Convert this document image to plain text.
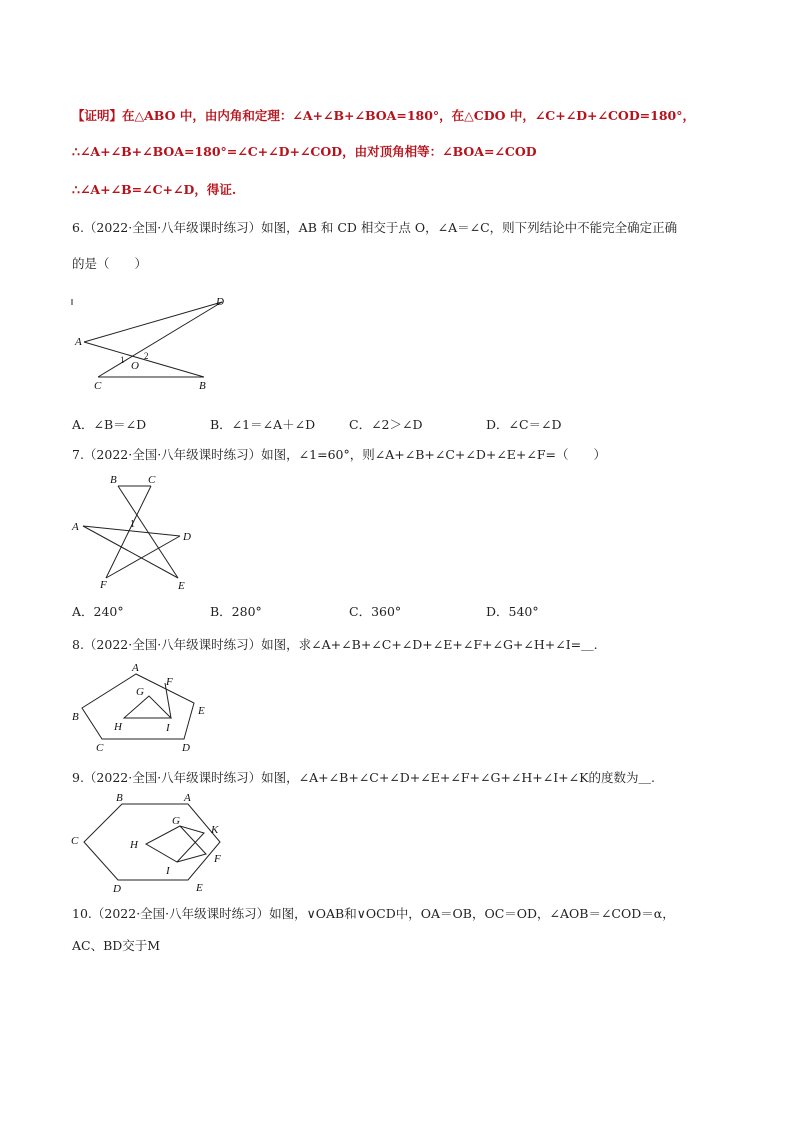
【证明】在△ABO 中，由内角和定理：∠A+∠B+∠BOA=180°，在△CDO 中，∠C+∠D+∠COD=180°，
∴∠A+∠B+∠BOA=180°=∠C+∠D+∠COD，由对顶角相等：∠BOA=∠COD
∴∠A+∠B=∠C+∠D，得证.
6.（2022·全国·八年级课时练习）如图，AB 和 CD 相交于点 O，∠A＝∠C，则下列结论中不能完全确定正确
的是（　　）
A
B
C
D
O
1 2
A．∠B＝∠D	B．∠1＝∠A＋∠D	C．∠2＞∠D	D．∠C＝∠D
7.（2022·全国·八年级课时练习）如图，∠1=60°，则∠A+∠B+∠C+∠D+∠E+∠F=（　　）
A
B	C
D
E
F
1
A．240°	B．280°	C．360°	D．540°
8.（2022·全国·八年级课时练习）如图，求∠A+∠B+∠C+∠D+∠E+∠F+∠G+∠H+∠I=＿.
A
B
C	D
E
F
G
H	I
9.（2022·全国·八年级课时练习）如图，∠A+∠B+∠C+∠D+∠E+∠F+∠G+∠H+∠I+∠K的度数为＿.
A
B
C
D	E
F
G
H
I
K
10.（2022·全国·八年级课时练习）如图，∨OAB和∨OCD中，OA＝OB，OC＝OD，∠AOB＝∠COD＝α，
AC、BD交于M
